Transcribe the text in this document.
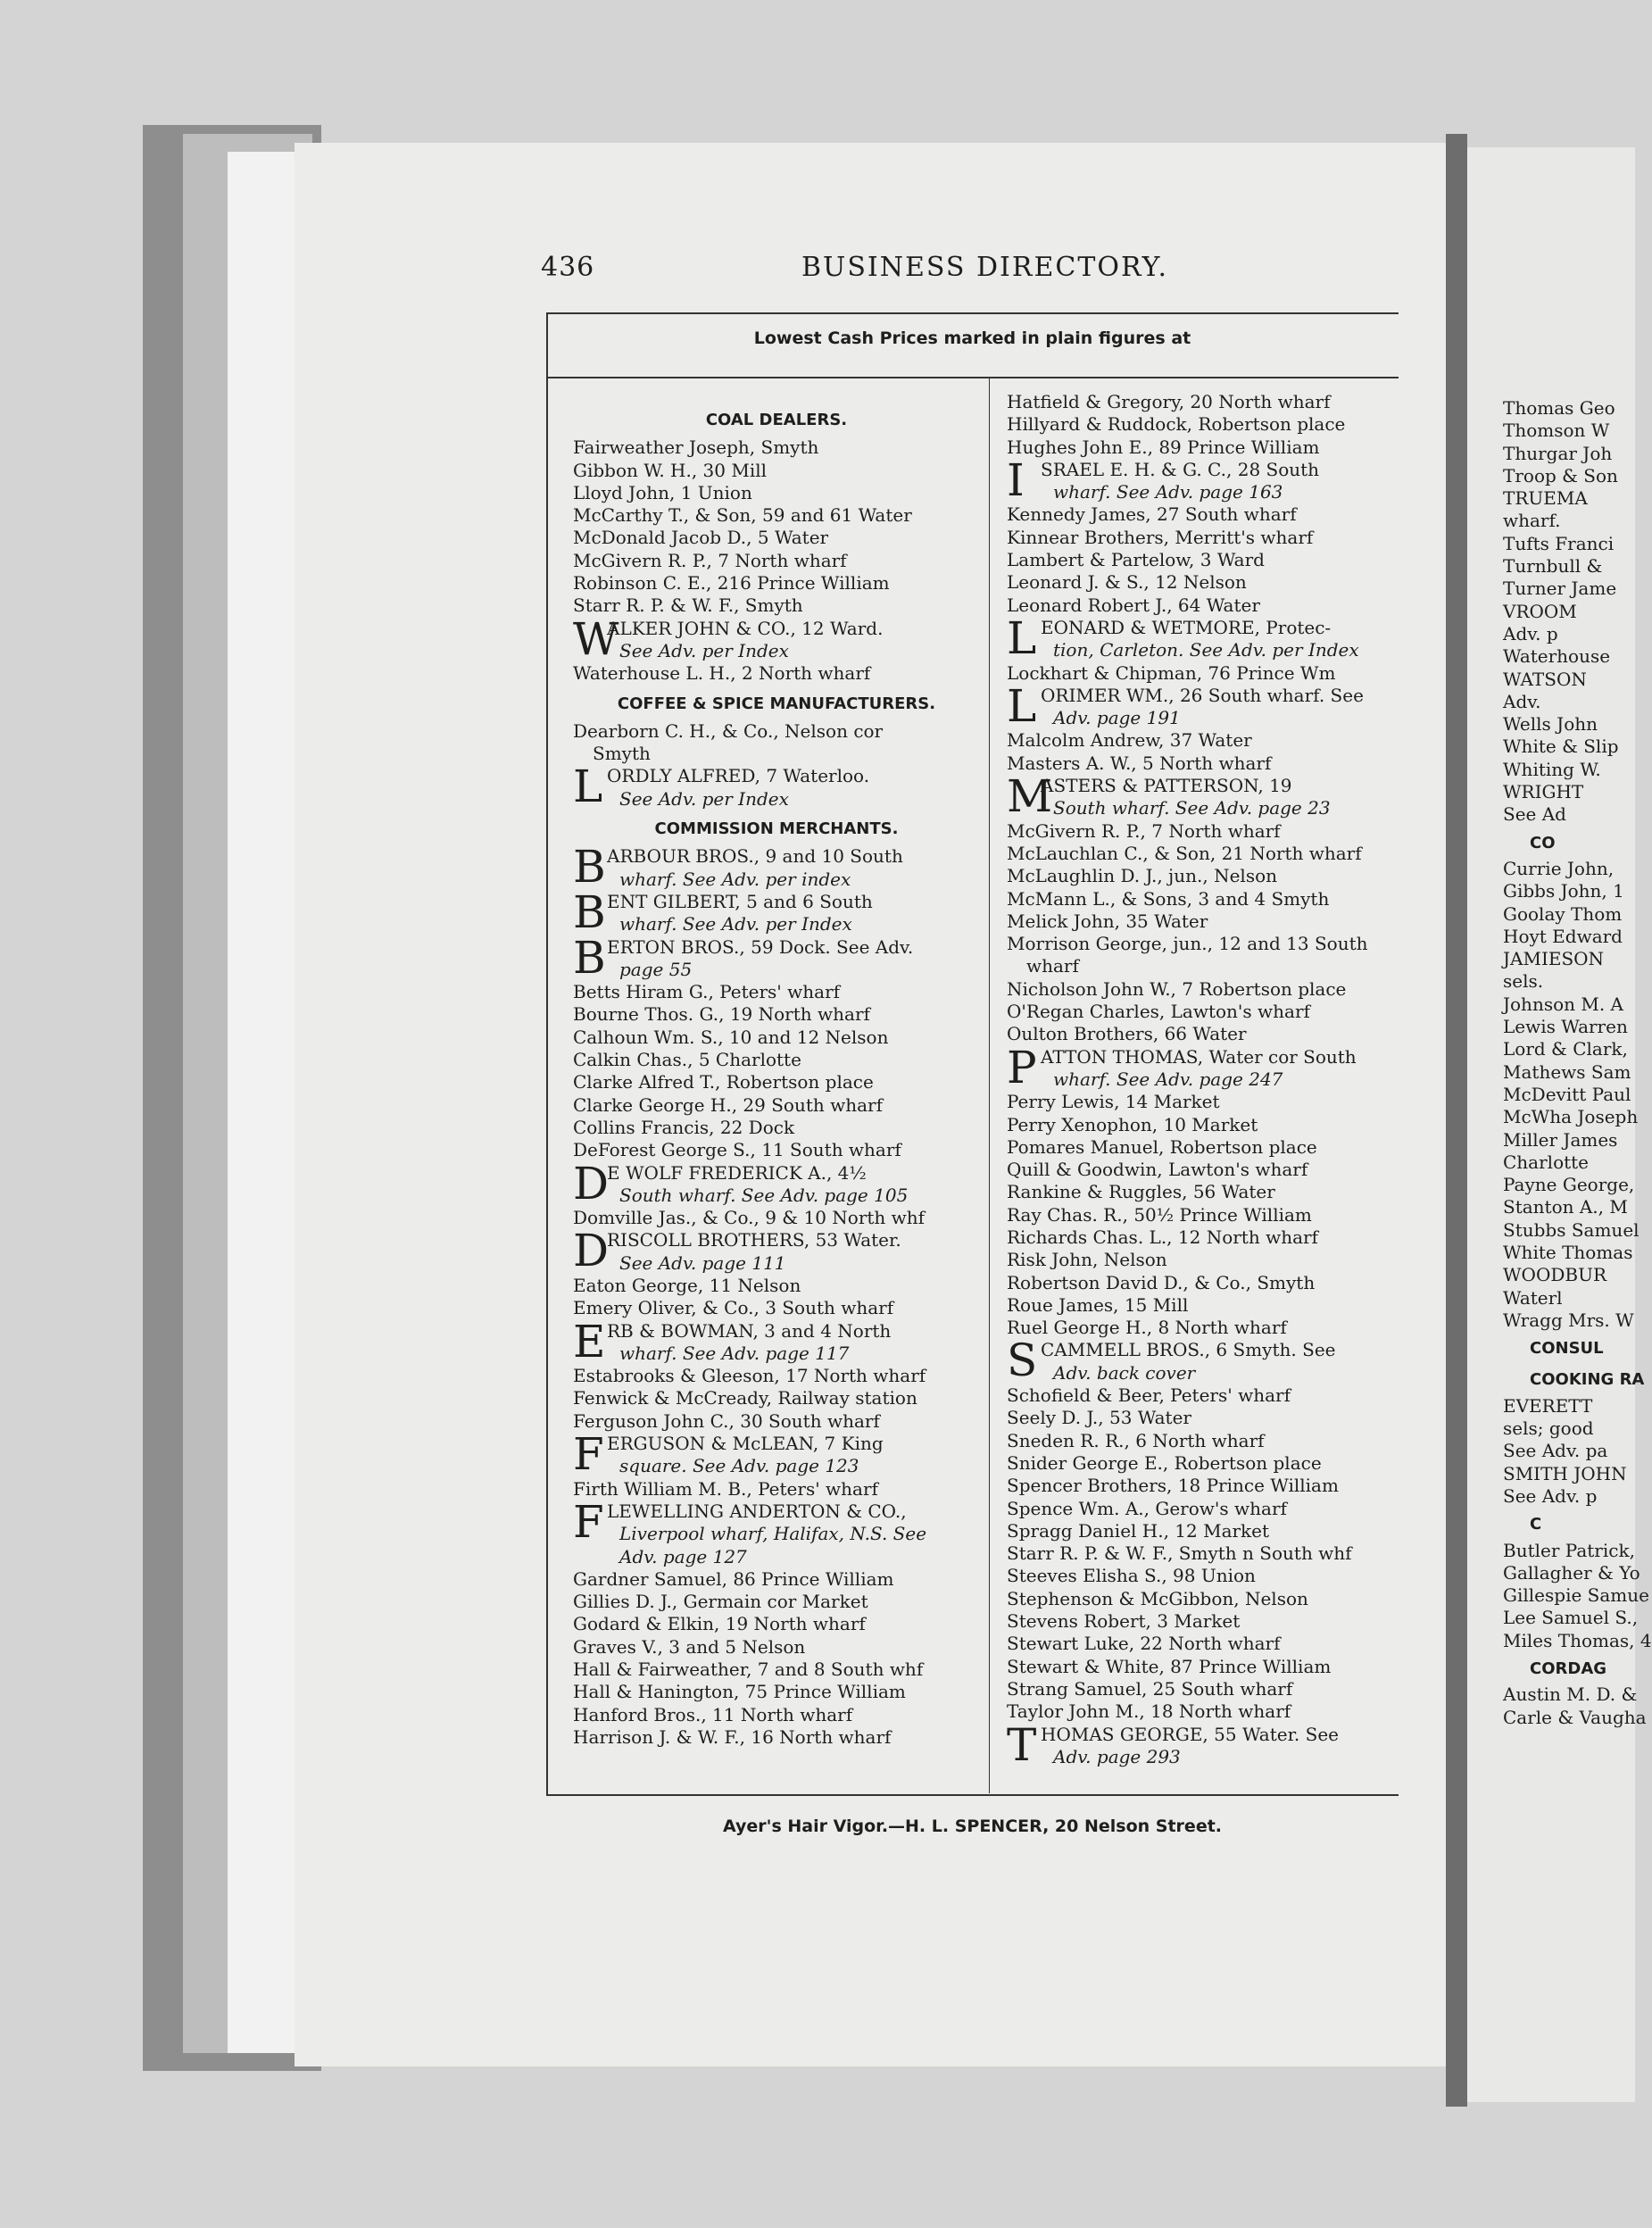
Thomas Geo
Thomson W
Thurgar Joh
Troop & Son
TRUEMA
wharf.
Tufts Franci
Turnbull &
Turner Jame
VROOM
Adv. p
Waterhouse
WATSON
Adv.
Wells John
White & Slip
Whiting W.
WRIGHT
See Ad
CO
Currie John,
Gibbs John, 1
Goolay Thom
Hoyt Edward
JAMIESON
sels.
Johnson M. A
Lewis Warren
Lord & Clark,
Mathews Sam
McDevitt Paul
McWha Joseph
Miller James
Charlotte
Payne George,
Stanton A., M
Stubbs Samuel
White Thomas
WOODBUR
Waterl
Wragg Mrs. W
CONSUL
COOKING RA
EVERETT
sels; good
See Adv. pa
SMITH JOHN
See Adv. p
C
Butler Patrick,
Gallagher & Yo
Gillespie Samue
Lee Samuel S.,
Miles Thomas, 4
CORDAG
Austin M. D. &
Carle & Vaugha
436	BUSINESS DIRECTORY.
Lowest Cash Prices marked in plain figures at
COAL DEALERS.
Fairweather Joseph, Smyth
Gibbon W. H., 30 Mill
Lloyd John, 1 Union
McCarthy T., & Son, 59 and 61 Water
McDonald Jacob D., 5 Water
McGivern R. P., 7 North wharf
Robinson C. E., 216 Prince William
Starr R. P. & W. F., Smyth
W
ALKER JOHN & CO., 12 Ward.
See Adv. per Index
Waterhouse L. H., 2 North wharf
COFFEE & SPICE MANUFACTURERS.
Dearborn C. H., & Co., Nelson cor
Smyth
L ORDLY ALFRED, 7 Waterloo.
See Adv. per Index
COMMISSION MERCHANTS.
B ARBOUR BROS., 9 and 10 South
wharf. See Adv. per index
B ENT GILBERT, 5 and 6 South
wharf. See Adv. per Index
B ERTON BROS., 59 Dock. See Adv.
page 55
Betts Hiram G., Peters' wharf
Bourne Thos. G., 19 North wharf
Calhoun Wm. S., 10 and 12 Nelson
Calkin Chas., 5 Charlotte
Clarke Alfred T., Robertson place
Clarke George H., 29 South wharf
Collins Francis, 22 Dock
DeForest George S., 11 South wharf
D
E WOLF FREDERICK A., 4½
South wharf. See Adv. page 105
Domville Jas., & Co., 9 & 10 North whf
D
RISCOLL BROTHERS, 53 Water.
See Adv. page 111
Eaton George, 11 Nelson
Emery Oliver, & Co., 3 South wharf
E RB & BOWMAN, 3 and 4 North
wharf. See Adv. page 117
Estabrooks & Gleeson, 17 North wharf
Fenwick & McCready, Railway station
Ferguson John C., 30 South wharf
F ERGUSON & McLEAN, 7 King
square. See Adv. page 123
Firth William M. B., Peters' wharf
F LEWELLING ANDERTON & CO.,
Liverpool wharf, Halifax, N.S. See
Adv. page 127
Gardner Samuel, 86 Prince William
Gillies D. J., Germain cor Market
Godard & Elkin, 19 North wharf
Graves V., 3 and 5 Nelson
Hall & Fairweather, 7 and 8 South whf
Hall & Hanington, 75 Prince William
Hanford Bros., 11 North wharf
Harrison J. & W. F., 16 North wharf
Hatfield & Gregory, 20 North wharf
Hillyard & Ruddock, Robertson place
Hughes John E., 89 Prince William
I SRAEL E. H. & G. C., 28 South
wharf. See Adv. page 163
Kennedy James, 27 South wharf
Kinnear Brothers, Merritt's wharf
Lambert & Partelow, 3 Ward
Leonard J. & S., 12 Nelson
Leonard Robert J., 64 Water
L EONARD & WETMORE, Protec-
tion, Carleton. See Adv. per Index
Lockhart & Chipman, 76 Prince Wm
L ORIMER WM., 26 South wharf. See
Adv. page 191
Malcolm Andrew, 37 Water
Masters A. W., 5 North wharf
M
ASTERS & PATTERSON, 19
South wharf. See Adv. page 23
McGivern R. P., 7 North wharf
McLauchlan C., & Son, 21 North wharf
McLaughlin D. J., jun., Nelson
McMann L., & Sons, 3 and 4 Smyth
Melick John, 35 Water
Morrison George, jun., 12 and 13 South
wharf
Nicholson John W., 7 Robertson place
O'Regan Charles, Lawton's wharf
Oulton Brothers, 66 Water
P ATTON THOMAS, Water cor South
wharf. See Adv. page 247
Perry Lewis, 14 Market
Perry Xenophon, 10 Market
Pomares Manuel, Robertson place
Quill & Goodwin, Lawton's wharf
Rankine & Ruggles, 56 Water
Ray Chas. R., 50½ Prince William
Richards Chas. L., 12 North wharf
Risk John, Nelson
Robertson David D., & Co., Smyth
Roue James, 15 Mill
Ruel George H., 8 North wharf
S CAMMELL BROS., 6 Smyth. See
Adv. back cover
Schofield & Beer, Peters' wharf
Seely D. J., 53 Water
Sneden R. R., 6 North wharf
Snider George E., Robertson place
Spencer Brothers, 18 Prince William
Spence Wm. A., Gerow's wharf
Spragg Daniel H., 12 Market
Starr R. P. & W. F., Smyth n South whf
Steeves Elisha S., 98 Union
Stephenson & McGibbon, Nelson
Stevens Robert, 3 Market
Stewart Luke, 22 North wharf
Stewart & White, 87 Prince William
Strang Samuel, 25 South wharf
Taylor John M., 18 North wharf
T HOMAS GEORGE, 55 Water. See
Adv. page 293
Ayer's Hair Vigor.—H. L. SPENCER, 20 Nelson Street.
